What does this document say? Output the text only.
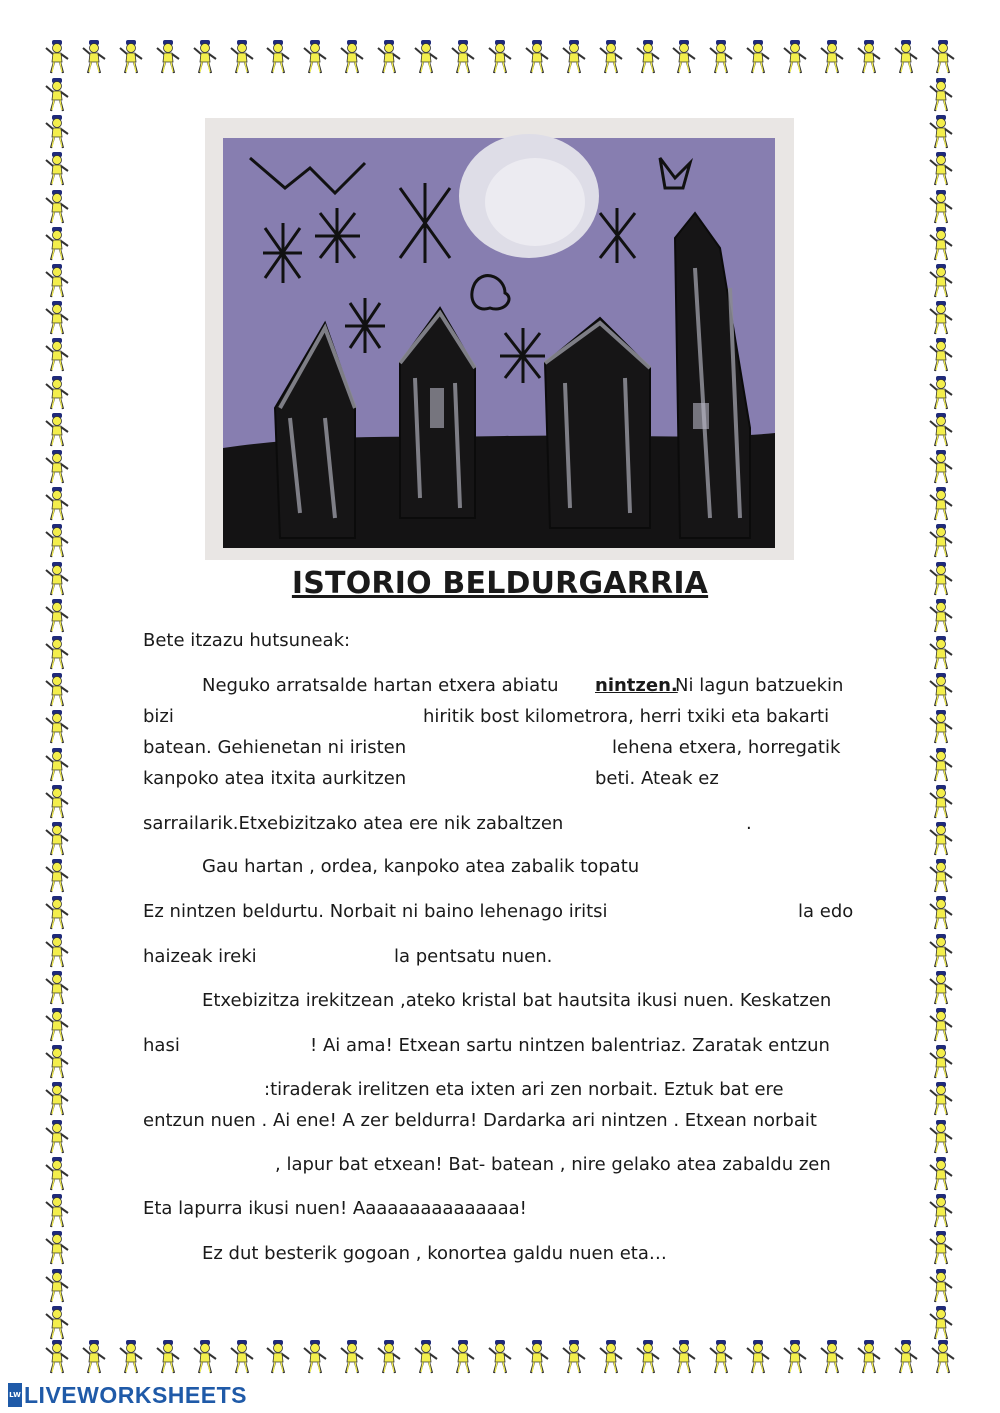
ISTORIO BELDURGARRIA
Bete itzazu hutsuneak:
Neguko arratsalde hartan etxera abiatu nintzen.
Ni lagun batzuekin
bizi	hiritik bost kilometrora, herri txiki eta bakarti
batean. Gehienetan ni iristen	lehena etxera, horregatik
kanpoko atea itxita aurkitzen	beti. Ateak ez
sarrailarik.Etxebizitzako atea ere nik zabaltzen	.
Gau hartan , ordea, kanpoko atea zabalik topatu
Ez nintzen beldurtu. Norbait ni baino lehenago iritsi	la edo
haizeak ireki	la pentsatu nuen.
Etxebizitza irekitzean ,ateko kristal bat hautsita ikusi nuen. Keskatzen
hasi	! Ai ama! Etxean sartu nintzen balentriaz. Zaratak entzun
:tiraderak irelitzen eta ixten ari zen norbait. Eztuk bat ere
entzun nuen . Ai ene! A zer beldurra! Dardarka ari nintzen . Etxean norbait
, lapur bat etxean! Bat- batean , nire gelako atea zabaldu zen
Eta lapurra ikusi nuen! Aaaaaaaaaaaaaaa!
Ez dut besterik gogoan , konortea galdu nuen eta…
LW LIVEWORKSHEETS
